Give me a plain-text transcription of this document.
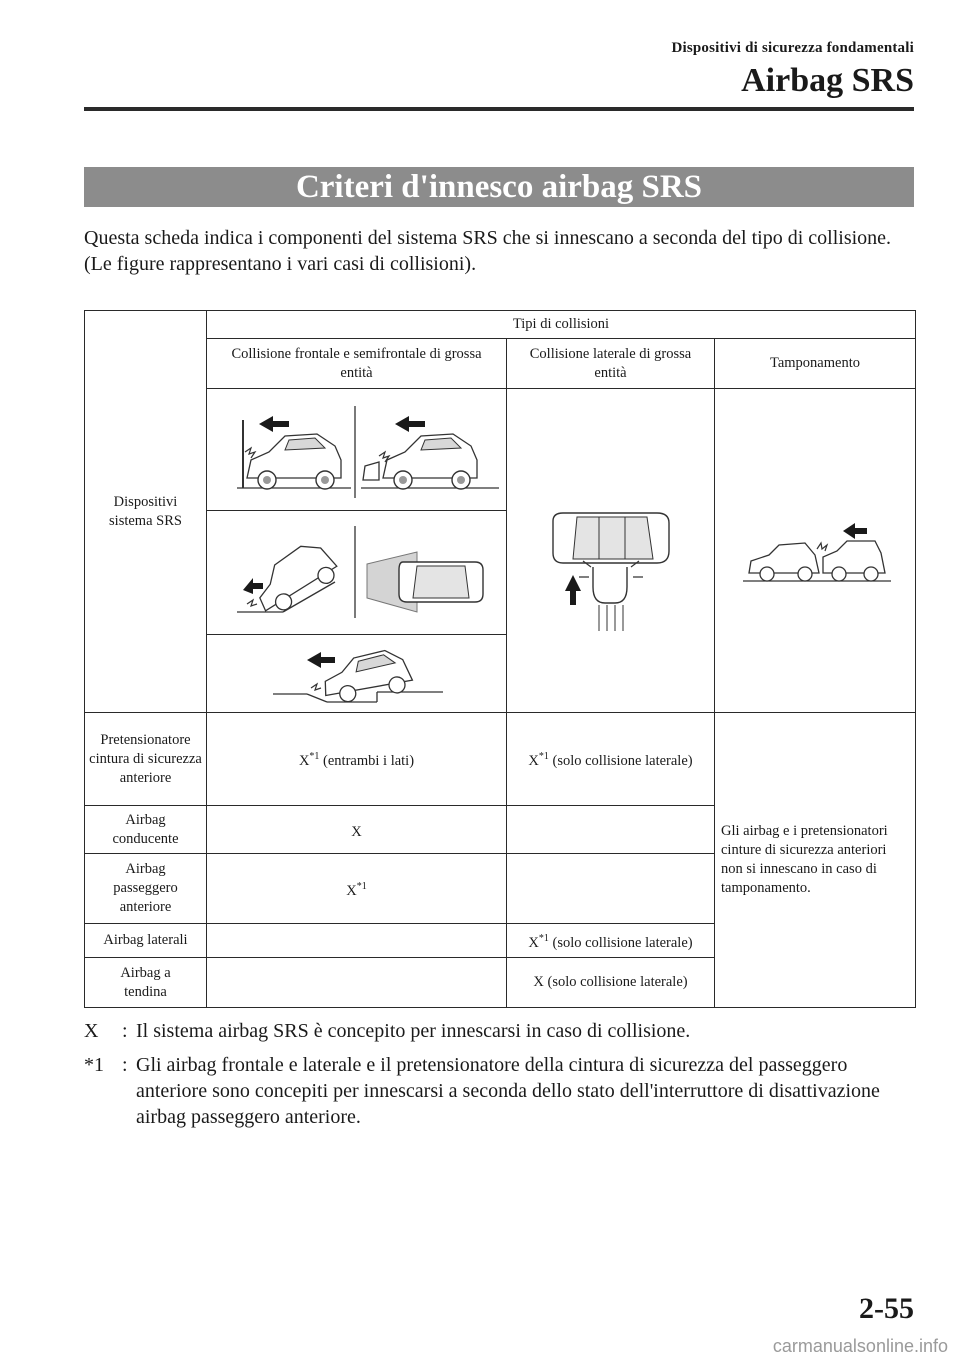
Dispositivi di sicurezza fondamentali
Airbag SRS
Criteri d'innesco airbag SRS

Questa scheda indica i componenti del sistema SRS che si innescano a seconda del tipo di collisione.

(Le figure rappresentano i vari casi di collisioni).

Dispositivi sistema SRS	Tipi di collisioni		
	Collisione frontale e semifrontale di grossa entità	Collisione laterale di grossa entità	Tamponamento

Pretensionatore cintura di sicurezza anteriore	$X^{*1}$ (entrambi i lati)	$X^{*1}$ (solo collisione laterale)	Gli airbag e i pretensionatori cinture di sicurezza anteriori non si innescano in caso di tamponamento.
Airbag conducente	X		
Airbag passeggero anteriore	$X^{*1}$	
Airbag laterali		$X^{*1}$ (solo collisione laterale)	
Airbag a tendina		X (solo collisione laterale)	
X	: Il sistema airbag SRS è concepito per innescarsi in caso di collisione.
*1 : Gli airbag frontale e laterale e il pretensionatore della cintura di sicurezza del passeggero anteriore sono concepiti per innescarsi a seconda dello stato dell'interruttore di disattivazione airbag passeggero anteriore.
2-55
carmanualsonline.info
